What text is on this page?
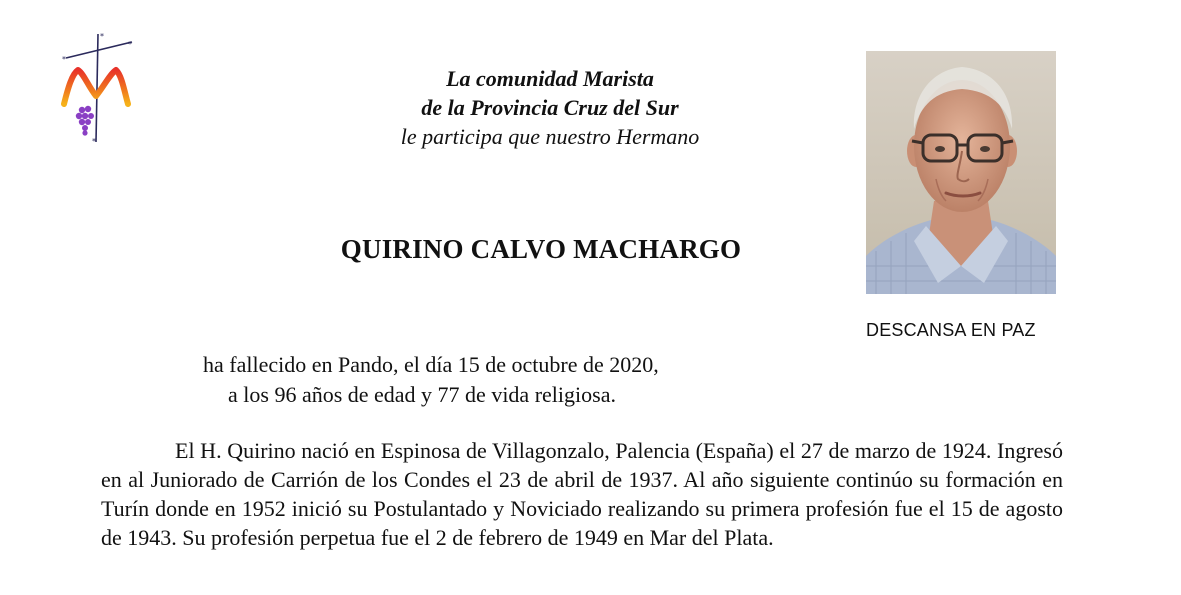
*
*
*
*
La comunidad Marista
de la Provincia Cruz del Sur
le participa que nuestro Hermano
QUIRINO CALVO MACHARGO
DESCANSA EN PAZ
ha fallecido en Pando, el día 15 de octubre de 2020,
a los 96 años de edad y 77 de vida religiosa.
El H. Quirino nació en Espinosa de Villagonzalo, Palencia (España) el 27 de marzo de 1924. Ingresó en al Juniorado de Carrión de los Condes el 23 de abril de 1937. Al año siguiente continúo su formación en Turín donde en 1952 inició su Postulantado y Noviciado realizando su primera profesión fue el 15 de agosto de 1943. Su profesión perpetua fue el 2 de febrero de 1949 en Mar del Plata.
